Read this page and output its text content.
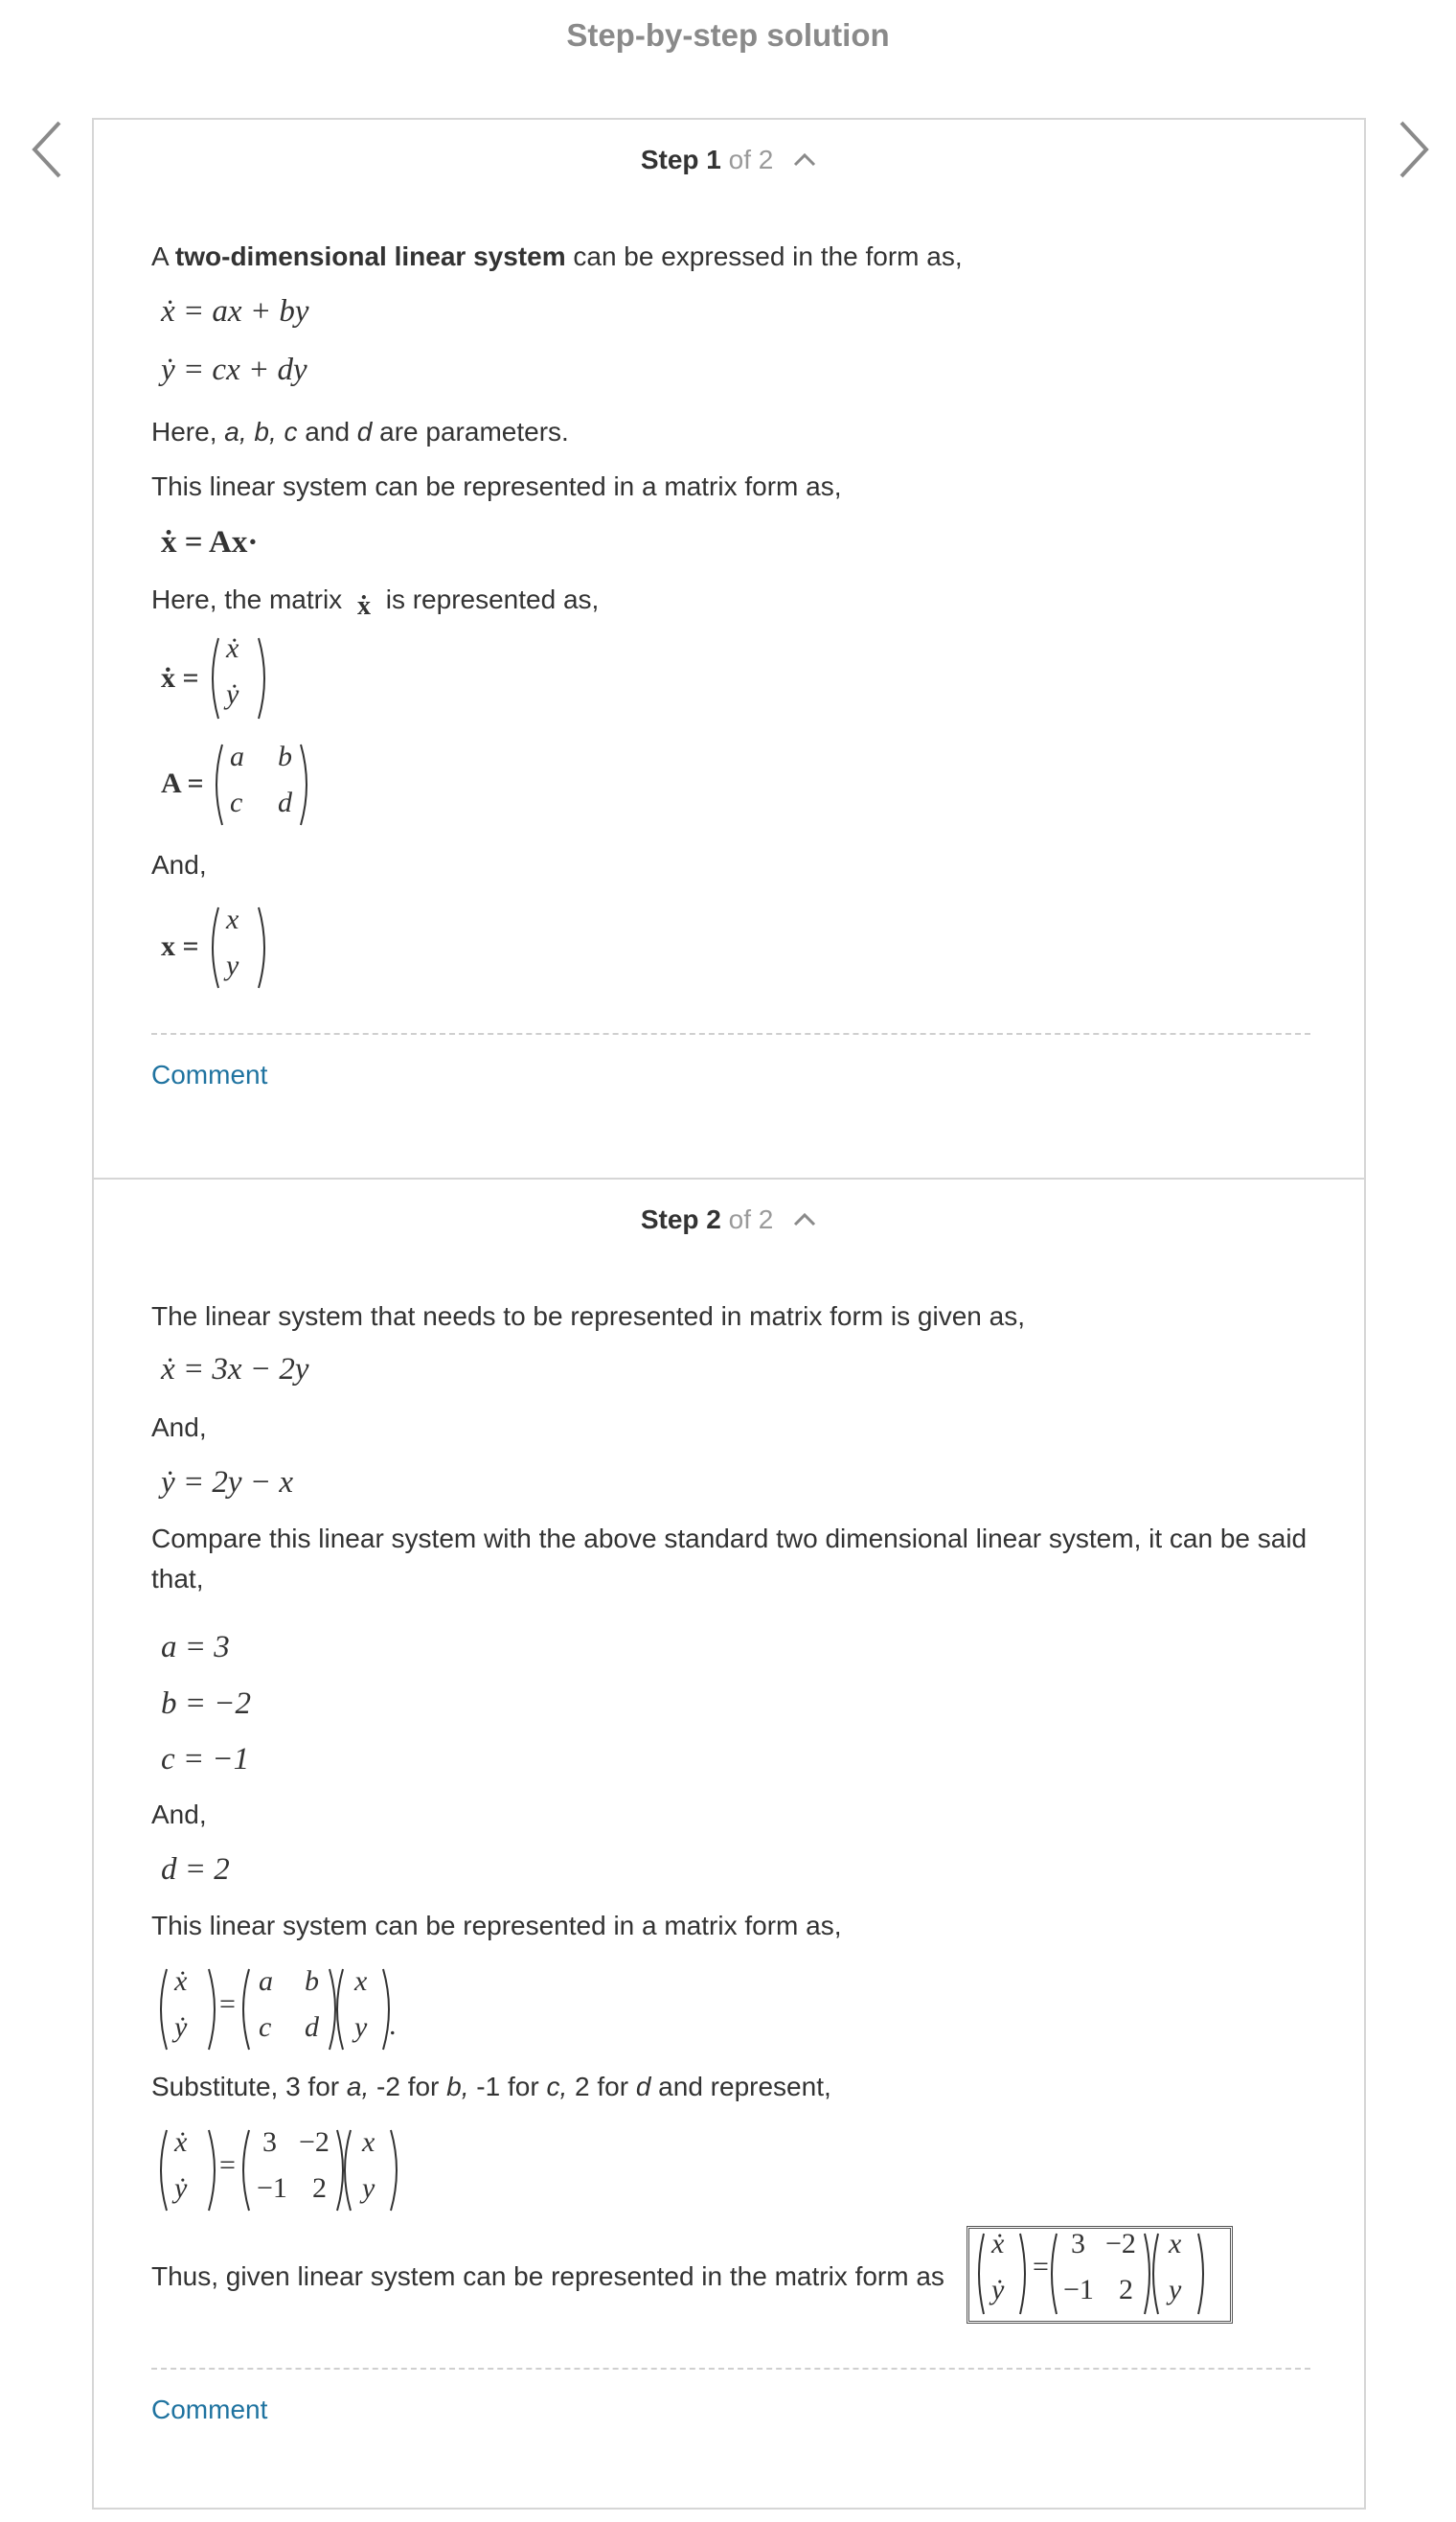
Step-by-step solution
Step 1 of 2
A two-dimensional linear system can be expressed in the form as,
ẋ = ax + by
ẏ = cx + dy
Here, a, b, c and d are parameters.
This linear system can be represented in a matrix form as,
ẋ = Ax·
Here, the matrix ẋ is represented as,
ẋ =
ẋ
ẏ
A =
a b
c d
And,
x =
x
y
Comment
Step 2 of 2
The linear system that needs to be represented in matrix form is given as,
ẋ = 3x − 2y
And,
ẏ = 2y − x
Compare this linear system with the above standard two dimensional linear system, it can be said that,
a = 3
b = −2
c = −1
And,
d = 2
This linear system can be represented in a matrix form as,
ẋ
ẏ
=
a b
c d
x
y .
Substitute, 3 for a, -2 for b, -1 for c, 2 for d and represent,
ẋ
ẏ
=
3 −2
−1 2
x
y
Thus, given linear system can be represented in the matrix form as
ẋ
ẏ
=
3 −2
−1 2
x
y
Comment
